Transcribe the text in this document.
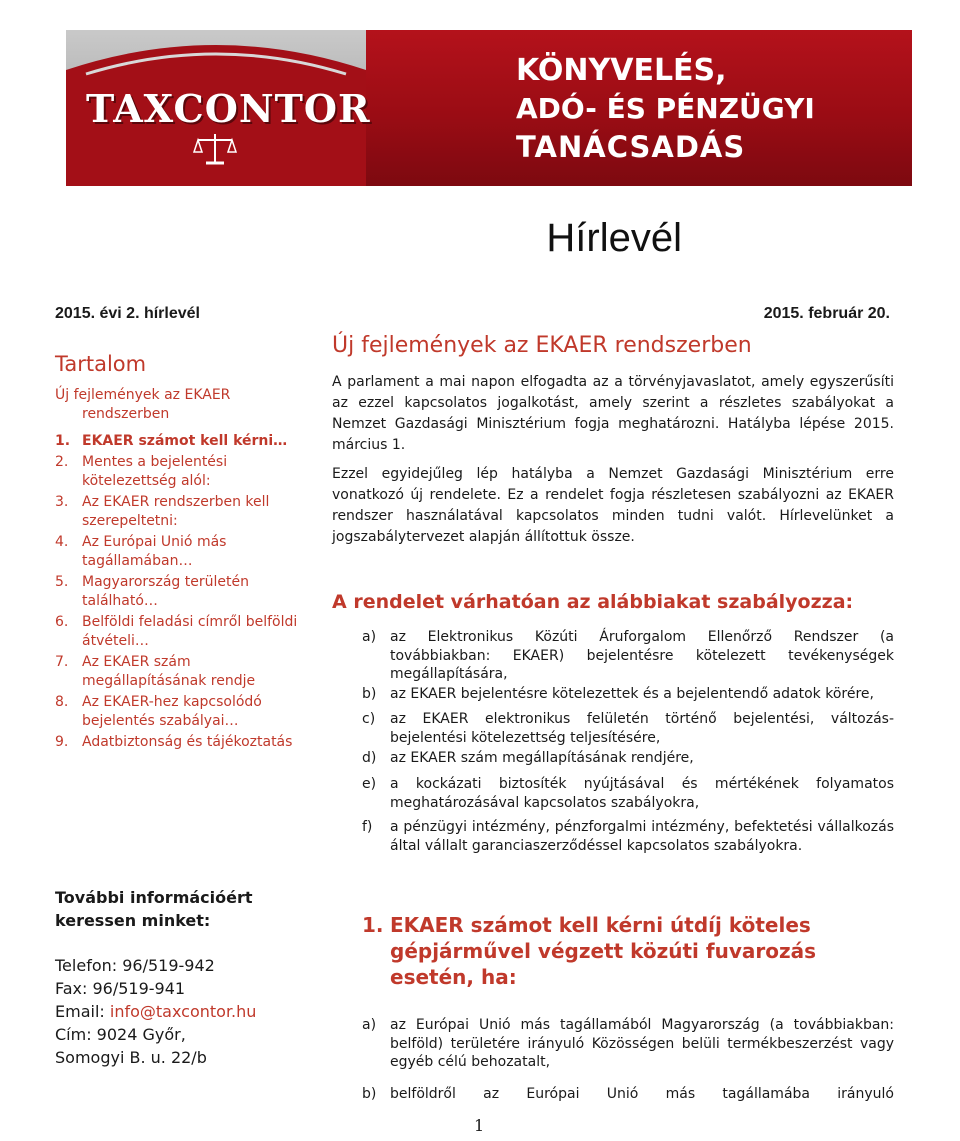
TAXCONTOR
KÖNYVELÉS,
ADÓ- ÉS PÉNZÜGYI
TANÁCSADÁS
Hírlevél
2015. évi 2. hírlevél	2015. február 20.
Tartalom
Új fejlemények az EKAER
rendszerben
1. EKAER számot kell kérni…
2. Mentes a bejelentési kötelezettség alól:
3. Az EKAER rendszerben kell szerepeltetni:
4. Az Európai Unió más tagállamában…
5. Magyarország területén található…
6. Belföldi feladási címről belföldi átvételi…
7. Az EKAER szám megállapításának rendje
8. Az EKAER-hez kapcsolódó bejelentés szabályai…
9. Adatbiztonság és tájékoztatás
További információért
keressen minket:
Telefon: 96/519-942
Fax: 96/519-941
Email: info@taxcontor.hu
Cím: 9024 Győr,
Somogyi B. u. 22/b
Új fejlemények az EKAER rendszerben

A parlament a mai napon elfogadta az a törvényjavaslatot, amely egyszerűsíti az ezzel kapcsolatos jogalkotást, amely szerint a részletes szabályokat a Nemzet Gazdasági Minisztérium fogja meghatározni. Hatályba lépése 2015. március 1.

Ezzel egyidejűleg lép hatályba a Nemzet Gazdasági Minisztérium erre vonatkozó új rendelete. Ez a rendelet fogja részletesen szabályozni az EKAER rendszer használatával kapcsolatos minden tudni valót. Hírlevelünket a jogszabálytervezet alapján állítottuk össze.

A rendelet várhatóan az alábbiakat szabályozza:
a) az Elektronikus Közúti Áruforgalom Ellenőrző Rendszer (a továbbiakban: EKAER) bejelentésre kötelezett tevékenységek megállapítására,
b) az EKAER bejelentésre kötelezettek és a bejelentendő adatok körére,
c)	az EKAER elektronikus felületén történő bejelentési, változás-bejelentési kötelezettség teljesítésére,
d) az EKAER szám megállapításának rendjére,
e) a kockázati biztosíték nyújtásával és mértékének folyamatos meghatározásával kapcsolatos szabályokra,
f)	a pénzügyi intézmény, pénzforgalmi intézmény, befektetési vállalkozás által vállalt garanciaszerződéssel kapcsolatos szabályokra.
1. EKAER számot kell kérni útdíj köteles gépjárművel végzett közúti fuvarozás esetén, ha:
a) az Európai Unió más tagállamából Magyarország (a továbbiakban: belföld) területére irányuló Közösségen belüli termékbeszerzést vagy egyéb célú behozatalt,
b) belföldről az Európai Unió más tagállamába irányuló
1
